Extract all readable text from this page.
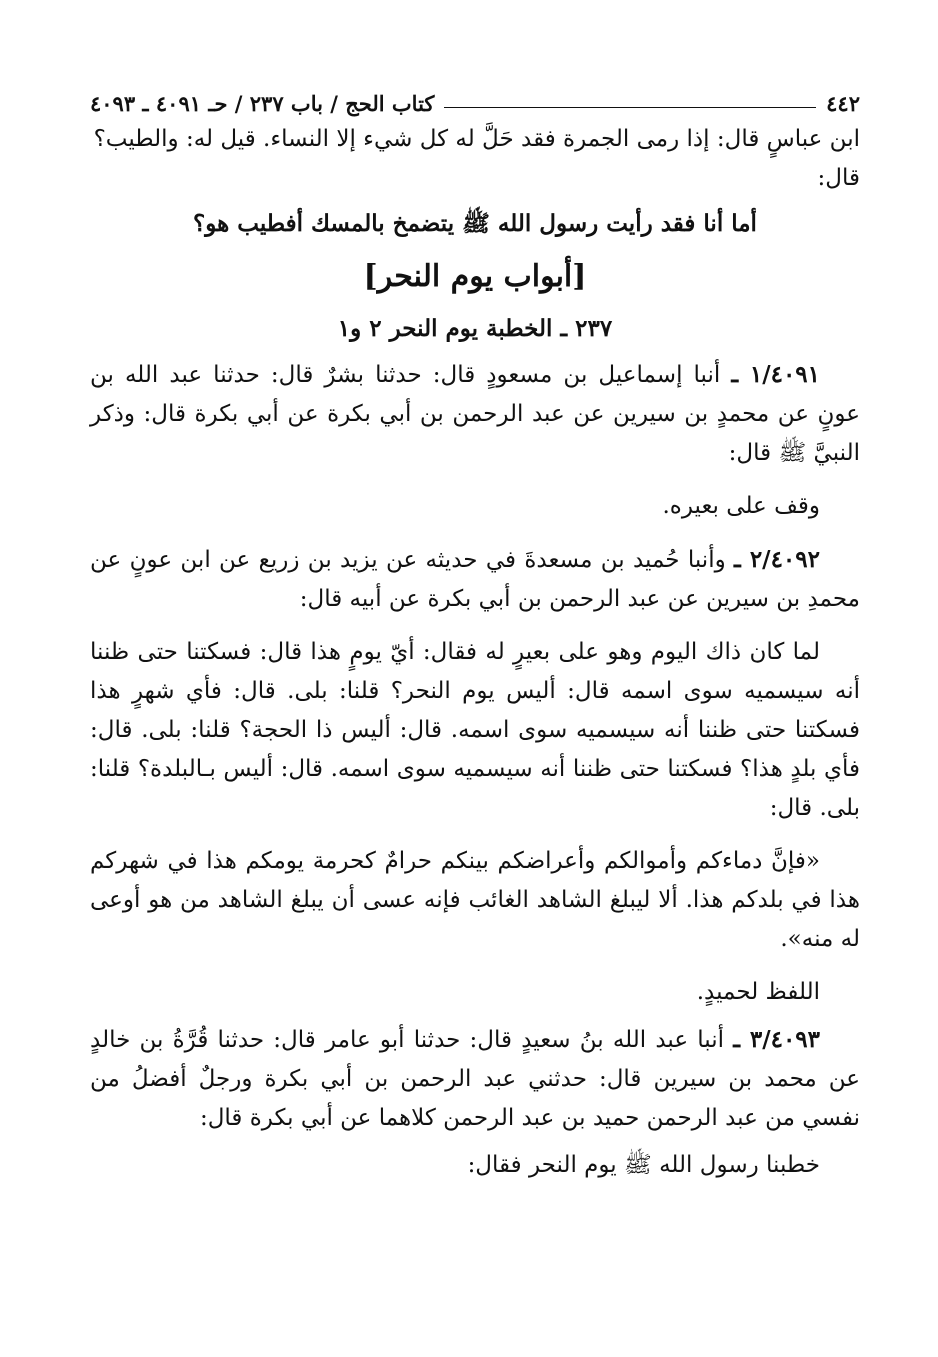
٤٤٢
كتاب الحج / باب ٢٣٧ / حـ ٤٠٩١ ـ ٤٠٩٣

ابن عباسٍ قال: إذا رمى الجمرة فقد حَلَّ له كل شيء إلا النساء. قيل له: والطيب؟

قال:

أما أنا فقد رأيت رسول الله ﷺ يتضمخ بالمسك أفطيب هو؟

[أبواب يوم النحر]
٢٣٧ ـ الخطبة يوم النحر ٢ و١

١/٤٠٩١ ـ أنبا إسماعيل بن مسعودٍ قال: حدثنا بشرٌ قال: حدثنا عبد الله بن عونٍ عن محمدٍ بن سيرين عن عبد الرحمن بن أبي بكرة عن أبي بكرة قال: وذكر النبيَّ ﷺ قال:

وقف على بعيره.

٢/٤٠٩٢ ـ وأنبا حُميد بن مسعدةَ في حديثه عن يزيد بن زريع عن ابن عونٍ عن محمدِ بن سيرين عن عبد الرحمن بن أبي بكرة عن أبيه قال:

لما كان ذاك اليوم وهو على بعيرٍ له فقال: أيّ يومٍ هذا قال: فسكتنا حتى ظننا أنه سيسميه سوى اسمه قال: أليس يوم النحر؟ قلنا: بلى. قال: فأي شهرٍ هذا فسكتنا حتى ظننا أنه سيسميه سوى اسمه. قال: أليس ذا الحجة؟ قلنا: بلى. قال: فأي بلدٍ هذا؟ فسكتنا حتى ظننا أنه سيسميه سوى اسمه. قال: أليس بـالبلدة؟ قلنا: بلى. قال:

«فإنَّ دماءكم وأموالكم وأعراضكم بينكم حرامٌ كحرمة يومكم هذا في شهركم هذا في بلدكم هذا. ألا ليبلغ الشاهد الغائب فإنه عسى أن يبلغ الشاهد من هو أوعى له منه».

اللفظ لحميدٍ.

٣/٤٠٩٣ ـ أنبا عبد الله بنُ سعيدٍ قال: حدثنا أبو عامر قال: حدثنا قُرَّةُ بن خالدٍ عن محمد بن سيرين قال: حدثني عبد الرحمن بن أبي بكرة ورجلٌ أفضلُ من نفسي من عبد الرحمن حميد بن عبد الرحمن كلاهما عن أبي بكرة قال:

خطبنا رسول الله ﷺ يوم النحر فقال:
